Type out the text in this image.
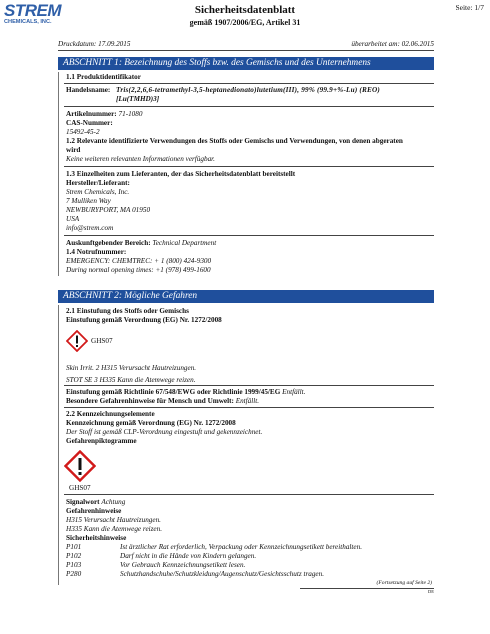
STREM
CHEMICALS, INC.
Sicherheitsdatenblatt
gemäß 1907/2006/EG, Artikel 31
Seite: 1/7
Druckdatum: 17.09.2015	überarbeitet am: 02.06.2015
ABSCHNITT 1: Bezeichnung des Stoffs bzw. des Gemischs und des Unternehmens
1.1 Produktidentifikator
Handelsname: Tris(2,2,6,6-tetramethyl-3,5-heptanedionato)lutetium(III), 99% (99.9+%-Lu) (REO)
[Lu(TMHD)3]
Artikelnummer: 71-1080
CAS-Nummer:
15492-45-2
1.2 Relevante identifizierte Verwendungen des Stoffs oder Gemischs und Verwendungen, von denen abgeraten
wird
Keine weiteren relevanten Informationen verfügbar.
1.3 Einzelheiten zum Lieferanten, der das Sicherheitsdatenblatt bereitstellt
Hersteller/Lieferant:
Strem Chemicals, Inc.
7 Mulliken Way
NEWBURYPORT, MA 01950
USA
info@strem.com
Auskunftgebender Bereich: Technical Department
1.4 Notrufnummer:
EMERGENCY: CHEMTREC: + 1 (800) 424-9300
During normal opening times: +1 (978) 499-1600
ABSCHNITT 2: Mögliche Gefahren
2.1 Einstufung des Stoffs oder Gemischs
Einstufung gemäß Verordnung (EG) Nr. 1272/2008
GHS07
Skin Irrit. 2 H315 Verursacht Hautreizungen.
STOT SE 3 H335 Kann die Atemwege reizen.
Einstufung gemäß Richtlinie 67/548/EWG oder Richtlinie 1999/45/EG Entfällt.
Besondere Gefahrenhinweise für Mensch und Umwelt: Entfällt.
2.2 Kennzeichnungselemente
Kennzeichnung gemäß Verordnung (EG) Nr. 1272/2008
Der Stoff ist gemäß CLP-Verordnung eingestuft und gekennzeichnet.
Gefahrenpiktogramme
GHS07
Signalwort Achtung
Gefahrenhinweise
H315 Verursacht Hautreizungen.
H335 Kann die Atemwege reizen.
Sicherheitshinweise
P101	Ist ärztlicher Rat erforderlich, Verpackung oder Kennzeichnungsetikett bereithalten.
P102	Darf nicht in die Hände von Kindern gelangen.
P103	Vor Gebrauch Kennzeichnungsetikett lesen.
P280	Schutzhandschuhe/Schutzkleidung/Augenschutz/Gesichtsschutz tragen.
(Fortsetzung auf Seite 2)
DE
